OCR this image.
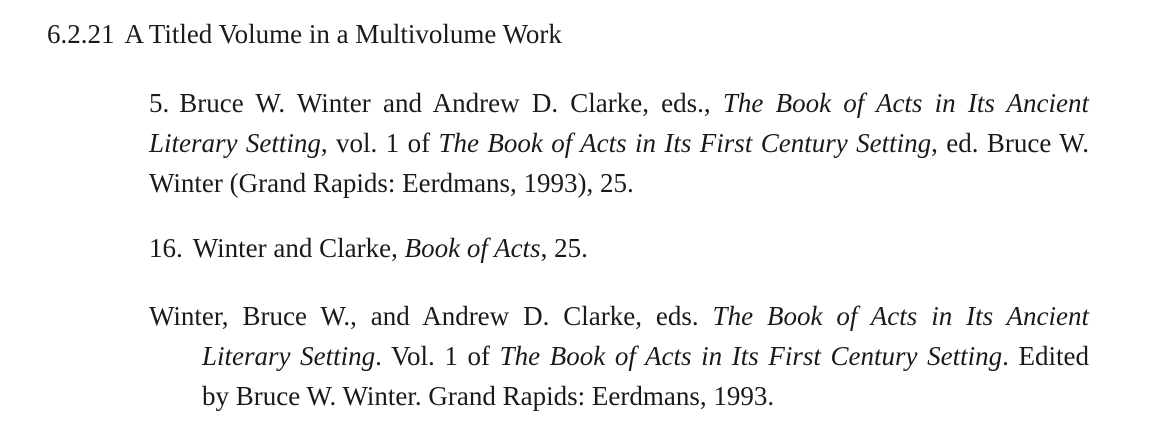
6.2.21 A Titled Volume in a Multivolume Work
5. Bruce W. Winter and Andrew D. Clarke, eds., The Book of Acts in Its Ancient
Literary Setting, vol. 1 of The Book of Acts in Its First Century Setting, ed. Bruce W.
Winter (Grand Rapids: Eerdmans, 1993), 25.
16. Winter and Clarke, Book of Acts, 25.
Winter, Bruce W., and Andrew D. Clarke, eds. The Book of Acts in Its Ancient
Literary Setting. Vol. 1 of The Book of Acts in Its First Century Setting. Edited
by Bruce W. Winter. Grand Rapids: Eerdmans, 1993.
